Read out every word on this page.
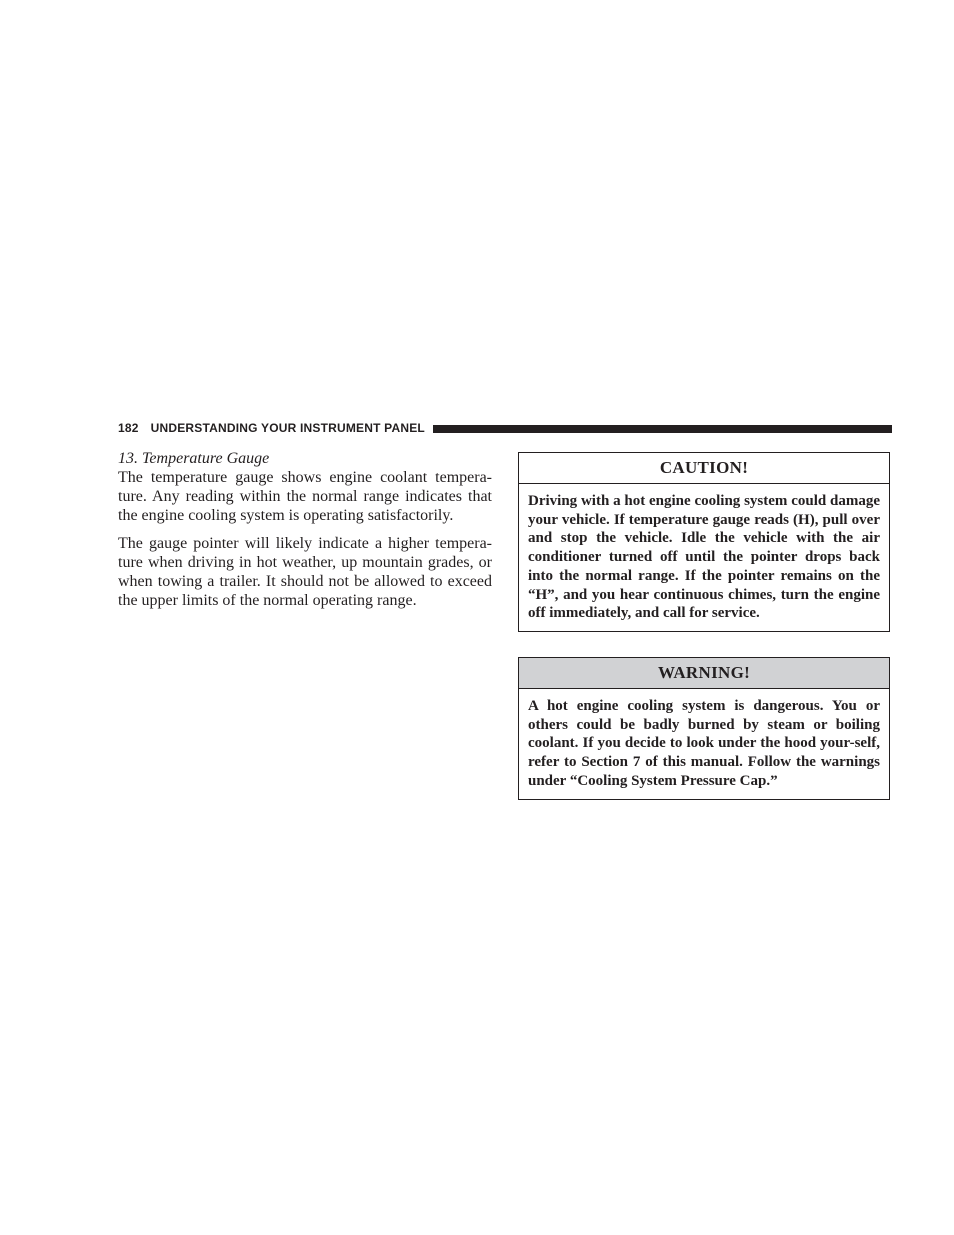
182 UNDERSTANDING YOUR INSTRUMENT PANEL

13. Temperature Gauge

The temperature gauge shows engine coolant tempera-ture. Any reading within the normal range indicates that the engine cooling system is operating satisfactorily.

The gauge pointer will likely indicate a higher tempera-ture when driving in hot weather, up mountain grades, or when towing a trailer. It should not be allowed to exceed the upper limits of the normal operating range.

CAUTION!
Driving with a hot engine cooling system could damage your vehicle. If temperature gauge reads (H), pull over and stop the vehicle. Idle the vehicle with the air conditioner turned off until the pointer drops back into the normal range. If the pointer remains on the “H”, and you hear continuous chimes, turn the engine off immediately, and call for service.
WARNING!
A hot engine cooling system is dangerous. You or others could be badly burned by steam or boiling coolant. If you decide to look under the hood your-self, refer to Section 7 of this manual. Follow the warnings under “Cooling System Pressure Cap.”
